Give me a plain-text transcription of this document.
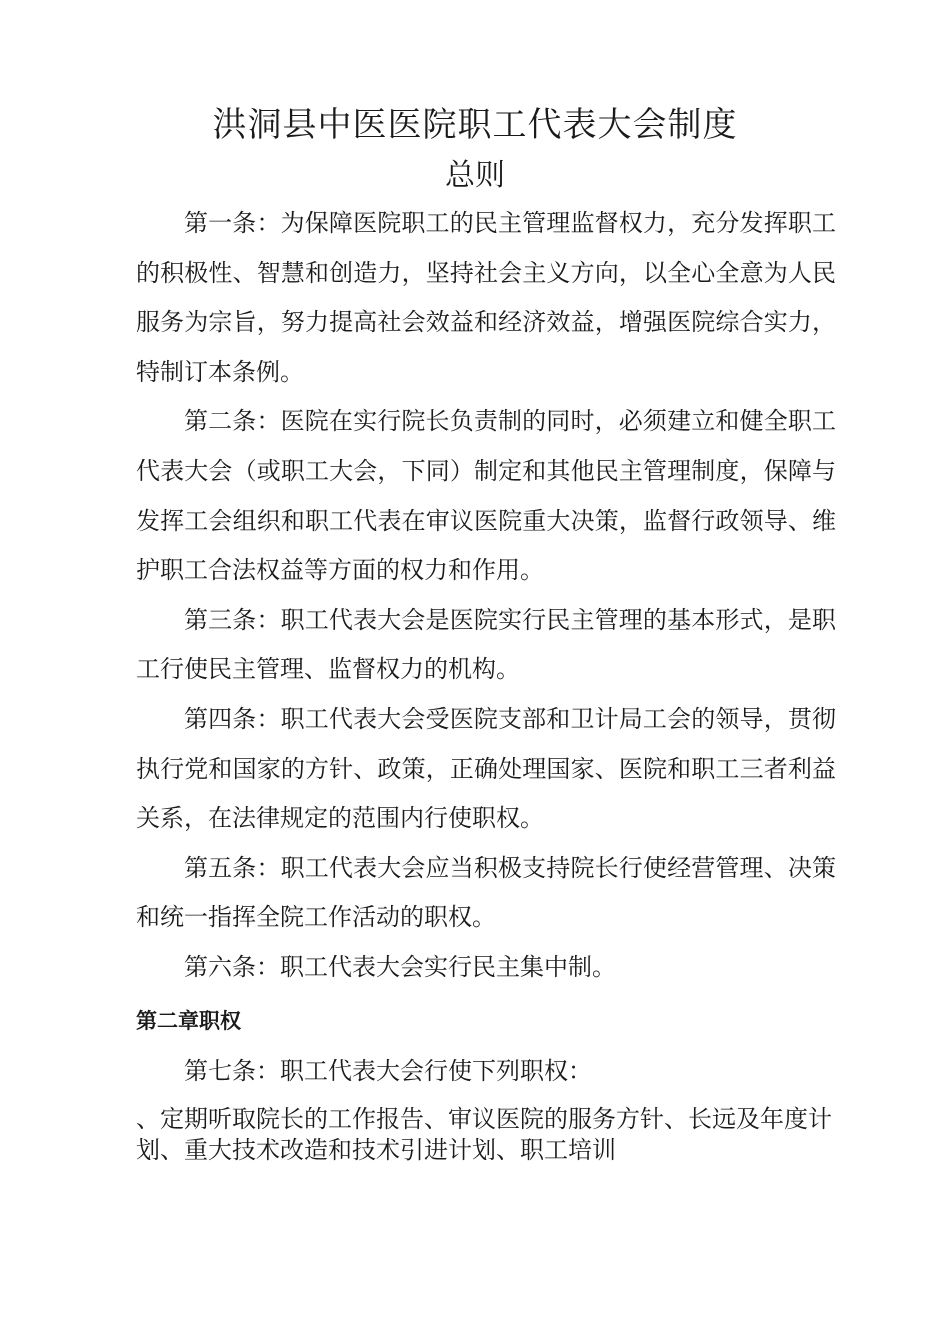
洪洞县中医医院职工代表大会制度
总则

第一条：为保障医院职工的民主管理监督权力，充分发挥职工的积极性、智慧和创造力，坚持社会主义方向，以全心全意为人民服务为宗旨，努力提高社会效益和经济效益，增强医院综合实力，特制订本条例。

第二条：医院在实行院长负责制的同时，必须建立和健全职工代表大会（或职工大会，下同）制定和其他民主管理制度，保障与发挥工会组织和职工代表在审议医院重大决策，监督行政领导、维护职工合法权益等方面的权力和作用。

第三条：职工代表大会是医院实行民主管理的基本形式，是职工行使民主管理、监督权力的机构。

第四条：职工代表大会受医院支部和卫计局工会的领导，贯彻执行党和国家的方针、政策，正确处理国家、医院和职工三者利益关系，在法律规定的范围内行使职权。

第五条：职工代表大会应当积极支持院长行使经营管理、决策和统一指挥全院工作活动的职权。

第六条：职工代表大会实行民主集中制。

第二章职权

第七条：职工代表大会行使下列职权：

、定期听取院长的工作报告、审议医院的服务方针、长远及年度计划、重大技术改造和技术引进计划、职工培训
